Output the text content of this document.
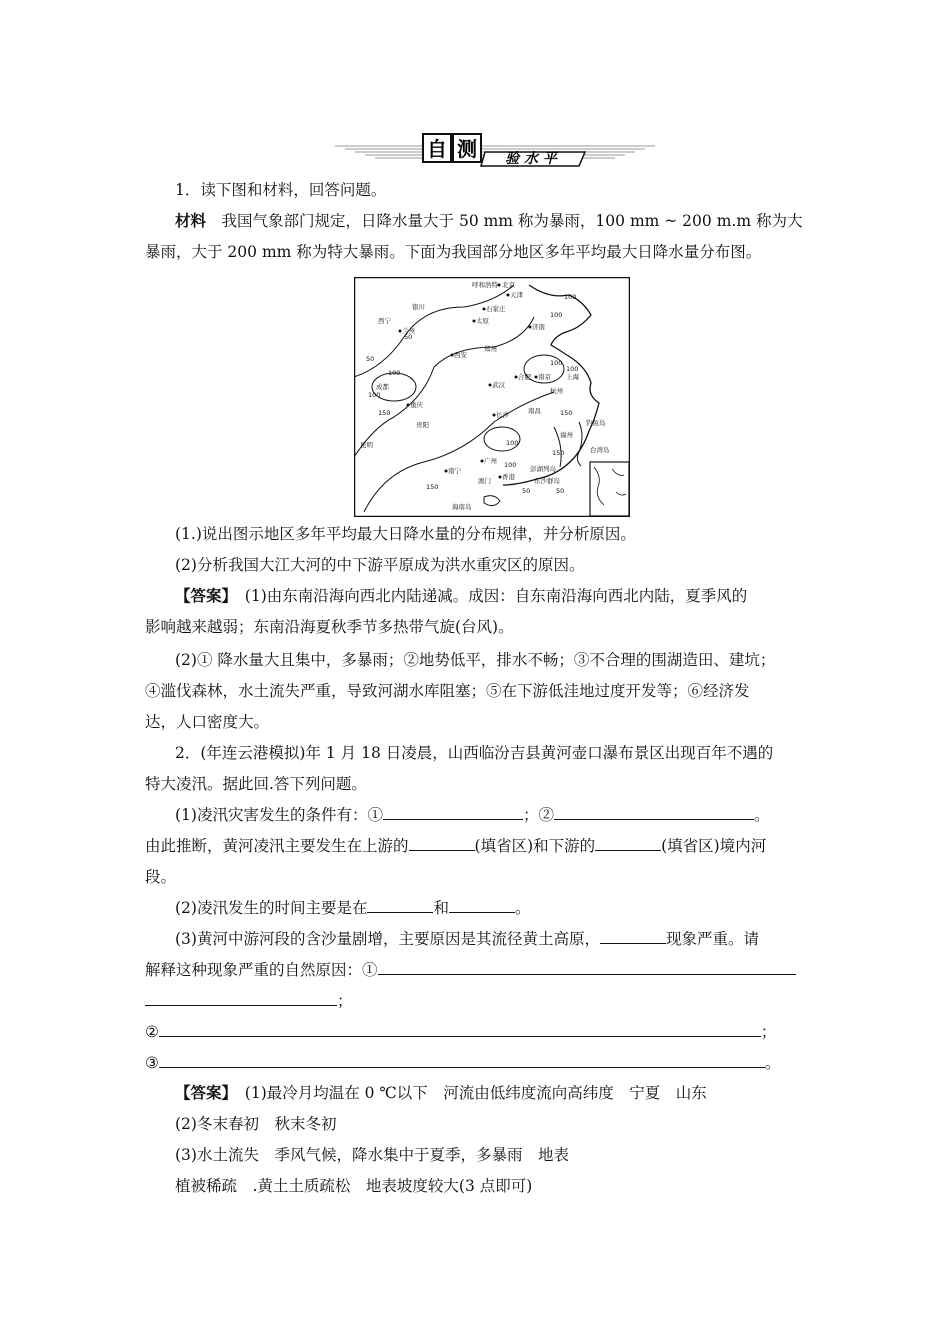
自 测 验 水 平
1．读下图和材料，回答问题。
材料　 我国气象部门规定，日降水量大于 50 mm 称为暴雨，100 mm ~ 200 m.m 称为大
暴雨，大于 200 mm 称为特大暴雨。下面为我国部分地区多年平均最大日降水量分布图。
呼和浩特 北京
天津
银川	石家庄
太原
西宁
兰州	济南
西安
郑州
南京 上海
合肥
武汉
杭州
成都
重庆
长沙	南昌
福州
钓鱼岛
贵阳
台湾岛
昆明
广州
南宁
澳门 香港
彭湖列岛
东沙群岛
海南岛
100
100
50
50	100
100
100
100
150
150
100
150
150
100
50	50
(1.)说出图示地区多年平均最大日降水量的分布规律，并分析原因。
(2)分析我国大江大河的中下游平原成为洪水重灾区的原因。
【答案】　 (1)由东南沿海向西北内陆递减。成因：自东南沿海向西北内陆，夏季风的
影响越来越弱；东南沿海夏秋季节多热带气旋(台风)。
(2)① 降水量大且集中，多暴雨；②地势低平，排水不畅；③不合理的围湖造田、建坑；
④滥伐森林，水土流失严重，导致河湖水库阻塞；⑤在下游低洼地过度开发等；⑥经济发
达，人口密度大。
2．(年连云港模拟)年 1 月 18 日凌晨，山西临汾吉县黄河壶口瀑布景区出现百年不遇的
特大凌汛。据此回.答下列问题。
(1)凌汛灾害发生的条件有：①	；②	。
由此推断，黄河凌汛主要发生在上游的	(填省区)和下游的	(填省区)境内河
段。
(2)凌汛发生的时间主要是在	和	。
(3)黄河中游河段的含沙量剧增，主要原因是其流径黄土高原，	现象严重。请
解释这种现象严重的自然原因：①
；
②	；
③	。
【答案】　 (1)最冷月均温在 0 ℃以下　河流由低纬度流向高纬度　宁夏　山东
(2)冬末春初　秋末冬初
(3)水土流失　季风气候，降水集中于夏季，多暴雨　地表
植被稀疏　.黄土土质疏松　地表坡度较大(3 点即可)
